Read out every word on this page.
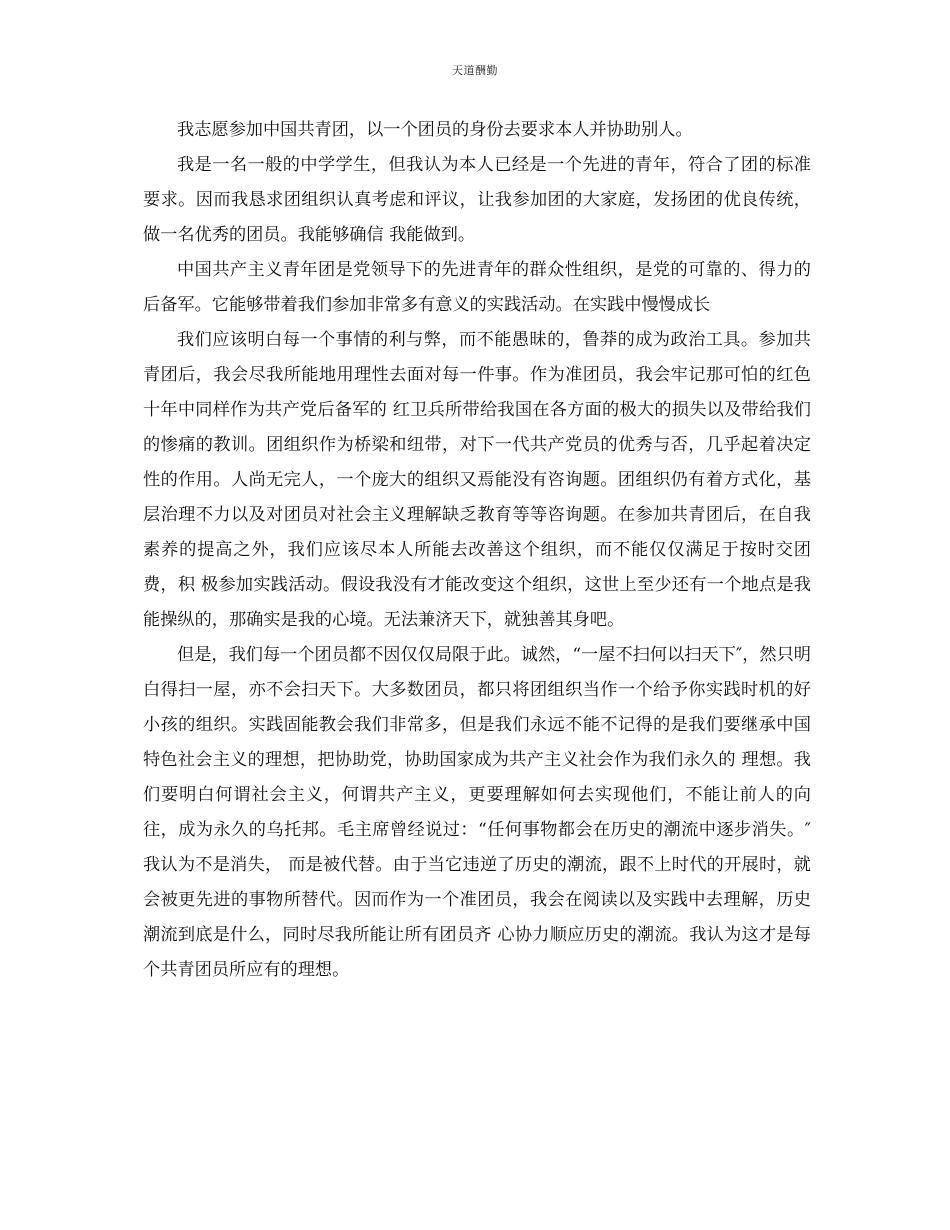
天道酬勤

我志愿参加中国共青团，以一个团员的身份去要求本人并协助别人。

我是一名一般的中学学生，但我认为本人已经是一个先进的青年，符合了团的标准要求。因而我恳求团组织认真考虑和评议，让我参加团的大家庭，发扬团的优良传统，做一名优秀的团员。我能够确信 我能做到。

中国共产主义青年团是党领导下的先进青年的群众性组织，是党的可靠的、得力的后备军。它能够带着我们参加非常多有意义的实践活动。在实践中慢慢成长

我们应该明白每一个事情的利与弊，而不能愚昧的，鲁莽的成为政治工具。参加共青团后，我会尽我所能地用理性去面对每一件事。作为准团员，我会牢记那可怕的红色十年中同样作为共产党后备军的 红卫兵所带给我国在各方面的极大的损失以及带给我们的惨痛的教训。团组织作为桥梁和纽带，对下一代共产党员的优秀与否，几乎起着决定性的作用。人尚无完人，一个庞大的组织又焉能没有咨询题。团组织仍有着方式化，基层治理不力以及对团员对社会主义理解缺乏教育等等咨询题。在参加共青团后，在自我素养的提高之外，我们应该尽本人所能去改善这个组织，而不能仅仅满足于按时交团费，积 极参加实践活动。假设我没有才能改变这个组织，这世上至少还有一个地点是我能操纵的，那确实是我的心境。无法兼济天下，就独善其身吧。

但是，我们每一个团员都不因仅仅局限于此。诚然，“一屋不扫何以扫天下″，然只明白得扫一屋，亦不会扫天下。大多数团员，都只将团组织当作一个给予你实践时机的好小孩的组织。实践固能教会我们非常多，但是我们永远不能不记得的是我们要继承中国特色社会主义的理想，把协助党，协助国家成为共产主义社会作为我们永久的 理想。我们要明白何谓社会主义，何谓共产主义，更要理解如何去实现他们，不能让前人的向往，成为永久的乌托邦。毛主席曾经说过：“任何事物都会在历史的潮流中逐步消失。″我认为不是消失， 而是被代替。由于当它违逆了历史的潮流，跟不上时代的开展时，就会被更先进的事物所替代。因而作为一个准团员，我会在阅读以及实践中去理解，历史潮流到底是什么，同时尽我所能让所有团员齐 心协力顺应历史的潮流。我认为这才是每个共青团员所应有的理想。
